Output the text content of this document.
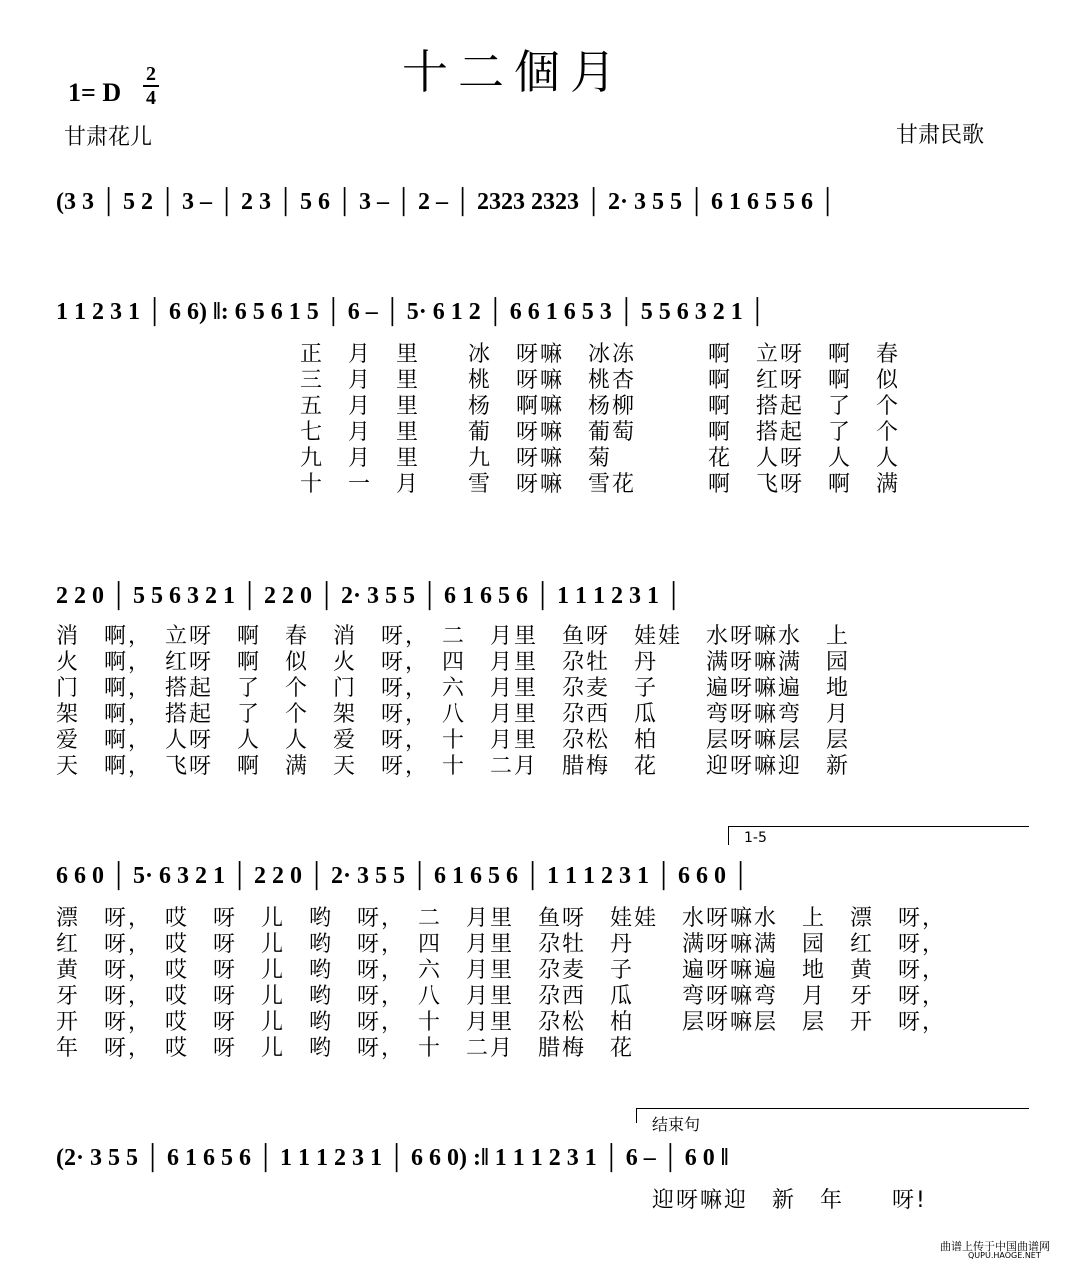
十二個月
1= D
2
4
甘肃花儿	甘肃民歌
(3 3 │ 5 2 │ 3 – │ 2 3 │ 5 6 │ 3 – │ 2 – │ 2323 2323 │ 2· 3 5 5 │ 6 1 6 5 5 6 │
1 1 2 3 1 │ 6 6) ‖: 6 5 6 1 5 │ 6 – │ 5· 6 1 2 │ 6 6 1 6 5 3 │ 5 5 6 3 2 1 │
正　月　里　　冰　呀嘛　冰冻　　　啊　立呀　啊　春
三　月　里　　桃　呀嘛　桃杏　　　啊　红呀　啊　似
五　月　里　　杨　啊嘛　杨柳　　　啊　搭起　了　个
七　月　里　　葡　呀嘛　葡萄　　　啊　搭起　了　个
九　月　里　　九　呀嘛　菊　　　　花　人呀　人　人
十　一　月　　雪　呀嘛　雪花　　　啊　飞呀　啊　满
2 2 0 │ 5 5 6 3 2 1 │ 2 2 0 │ 2· 3 5 5 │ 6 1 6 5 6 │ 1 1 1 2 3 1 │
消　啊，　立呀　啊　春　消　呀，　二　月里　鱼呀　娃娃　水呀嘛水　上
火　啊，　红呀　啊　似　火　呀，　四　月里　尕牡　丹　　满呀嘛满　园
门　啊，　搭起　了　个　门　呀，　六　月里　尕麦　子　　遍呀嘛遍　地
架　啊，　搭起　了　个　架　呀，　八　月里　尕西　瓜　　弯呀嘛弯　月
爱　啊，　人呀　人　人　爱　呀，　十　月里　尕松　柏　　层呀嘛层　层
天　啊，　飞呀　啊　满　天　呀，　十　二月　腊梅　花　　迎呀嘛迎　新
1-5
6 6 0 │ 5· 6 3 2 1 │ 2 2 0 │ 2· 3 5 5 │ 6 1 6 5 6 │ 1 1 1 2 3 1 │ 6 6 0 │
漂　呀，　哎　呀　儿　哟　呀，　二　月里　鱼呀　娃娃　水呀嘛水　上　漂　呀，
红　呀，　哎　呀　儿　哟　呀，　四　月里　尕牡　丹　　满呀嘛满　园　红　呀，
黄　呀，　哎　呀　儿　哟　呀，　六　月里　尕麦　子　　遍呀嘛遍　地　黄　呀，
牙　呀，　哎　呀　儿　哟　呀，　八　月里　尕西　瓜　　弯呀嘛弯　月　牙　呀，
开　呀，　哎　呀　儿　哟　呀，　十　月里　尕松　柏　　层呀嘛层　层　开　呀，
年　呀，　哎　呀　儿　哟　呀，　十　二月　腊梅　花
结束句
(2· 3 5 5 │ 6 1 6 5 6 │ 1 1 1 2 3 1 │ 6 6 0) :‖ 1 1 1 2 3 1 │ 6 – │ 6 0 ‖
迎呀嘛迎　新　年　　呀!
曲谱上传于中国曲谱网
QUPU.HAOGE.NET
